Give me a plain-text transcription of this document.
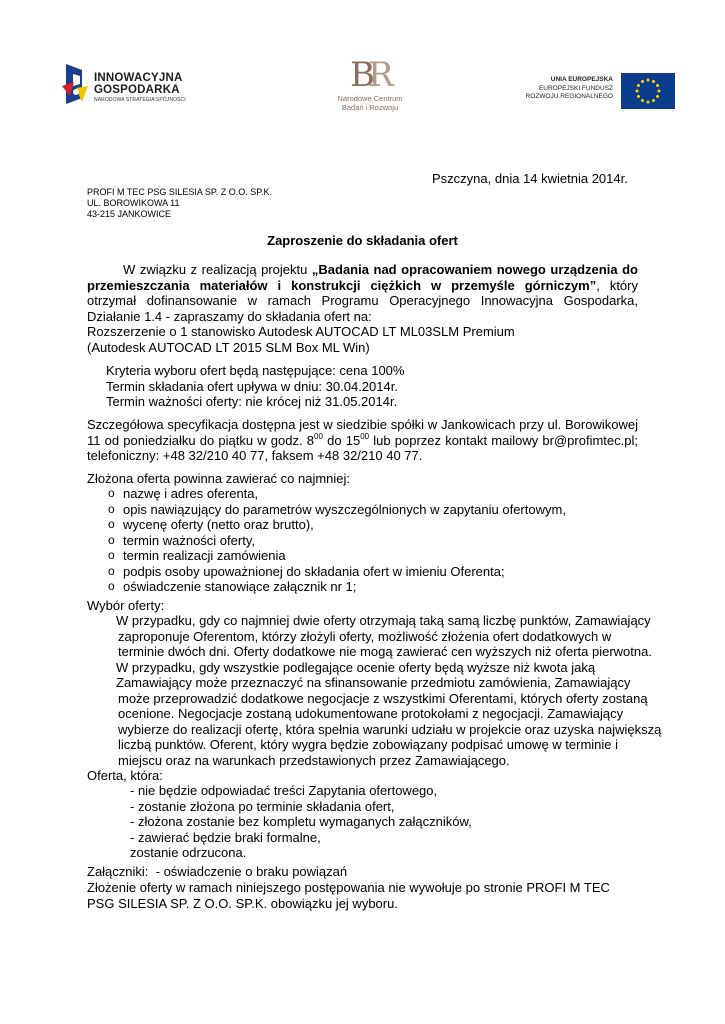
INNOWACYJNA
GOSPODARKA
NARODOWA STRATEGIA SPÓJNOŚCI
B
R
Narodowe Centrum
Badań i Rozwoju
UNIA EUROPEJSKA
EUROPEJSKI FUNDUSZ
ROZWOJU REGIONALNEGO
Pszczyna, dnia 14 kwietnia 2014r.
PROFI M TEC PSG SILESIA SP. Z O.O. SP.K.
UL. BOROWIKOWA 11
43-215 JANKOWICE
Zaproszenie do składania ofert
W związku z realizacją projektu „Badania nad opracowaniem nowego urządzenia do przemieszczania materiałów i konstrukcji ciężkich w przemyśle górniczym”, który otrzymał dofinansowanie w ramach Programu Operacyjnego Innowacyjna Gospodarka, Działanie 1.4 - zapraszamy do składania ofert na:
Rozszerzenie o 1 stanowisko Autodesk AUTOCAD LT ML03SLM Premium
(Autodesk AUTOCAD LT 2015 SLM Box ML Win)
Kryteria wyboru ofert będą następujące: cena 100%
Termin składania ofert upływa w dniu: 30.04.2014r.
Termin ważności oferty: nie krócej niż 31.05.2014r.
Szczegółowa specyfikacja dostępna jest w siedzibie spółki w Jankowicach przy ul. Borowikowej 11 od poniedziałku do piątku w godz. $8^{00}$ do $15^{00}$ lub poprzez kontakt mailowy br@profimtec.pl; telefoniczny: +48 32/210 40 77, faksem +48 32/210 40 77.
Złożona oferta powinna zawierać co najmniej:
o nazwę i adres oferenta,
o opis nawiązujący do parametrów wyszczególnionych w zapytaniu ofertowym,
o wycenę oferty (netto oraz brutto),
o termin ważności oferty,
o termin realizacji zamówienia
o podpis osoby upoważnionej do składania ofert w imieniu Oferenta;
o oświadczenie stanowiące załącznik nr 1;
Wybór oferty:
W przypadku, gdy co najmniej dwie oferty otrzymają taką samą liczbę punktów, Zamawiający
zaproponuje Oferentom, którzy złożyli oferty, możliwość złożenia ofert dodatkowych w
terminie dwóch dni. Oferty dodatkowe nie mogą zawierać cen wyższych niż oferta pierwotna.
W przypadku, gdy wszystkie podlegające ocenie oferty będą wyższe niż kwota jaką
Zamawiający może przeznaczyć na sfinansowanie przedmiotu zamówienia, Zamawiający
może przeprowadzić dodatkowe negocjacje z wszystkimi Oferentami, których oferty zostaną
ocenione. Negocjacje zostaną udokumentowane protokołami z negocjacji. Zamawiający
wybierze do realizacji ofertę, która spełnia warunki udziału w projekcie oraz uzyska największą
liczbą punktów. Oferent, który wygra będzie zobowiązany podpisać umowę w terminie i
miejscu oraz na warunkach przedstawionych przez Zamawiającego.
Oferta, która:
- nie będzie odpowiadać treści Zapytania ofertowego,
- zostanie złożona po terminie składania ofert,
- złożona zostanie bez kompletu wymaganych załączników,
- zawierać będzie braki formalne,
zostanie odrzucona.
Załączniki:  - oświadczenie o braku powiązań
Złożenie oferty w ramach niniejszego postępowania nie wywołuje po stronie PROFI M TEC PSG SILESIA SP. Z O.O. SP.K. obowiązku jej wyboru.
